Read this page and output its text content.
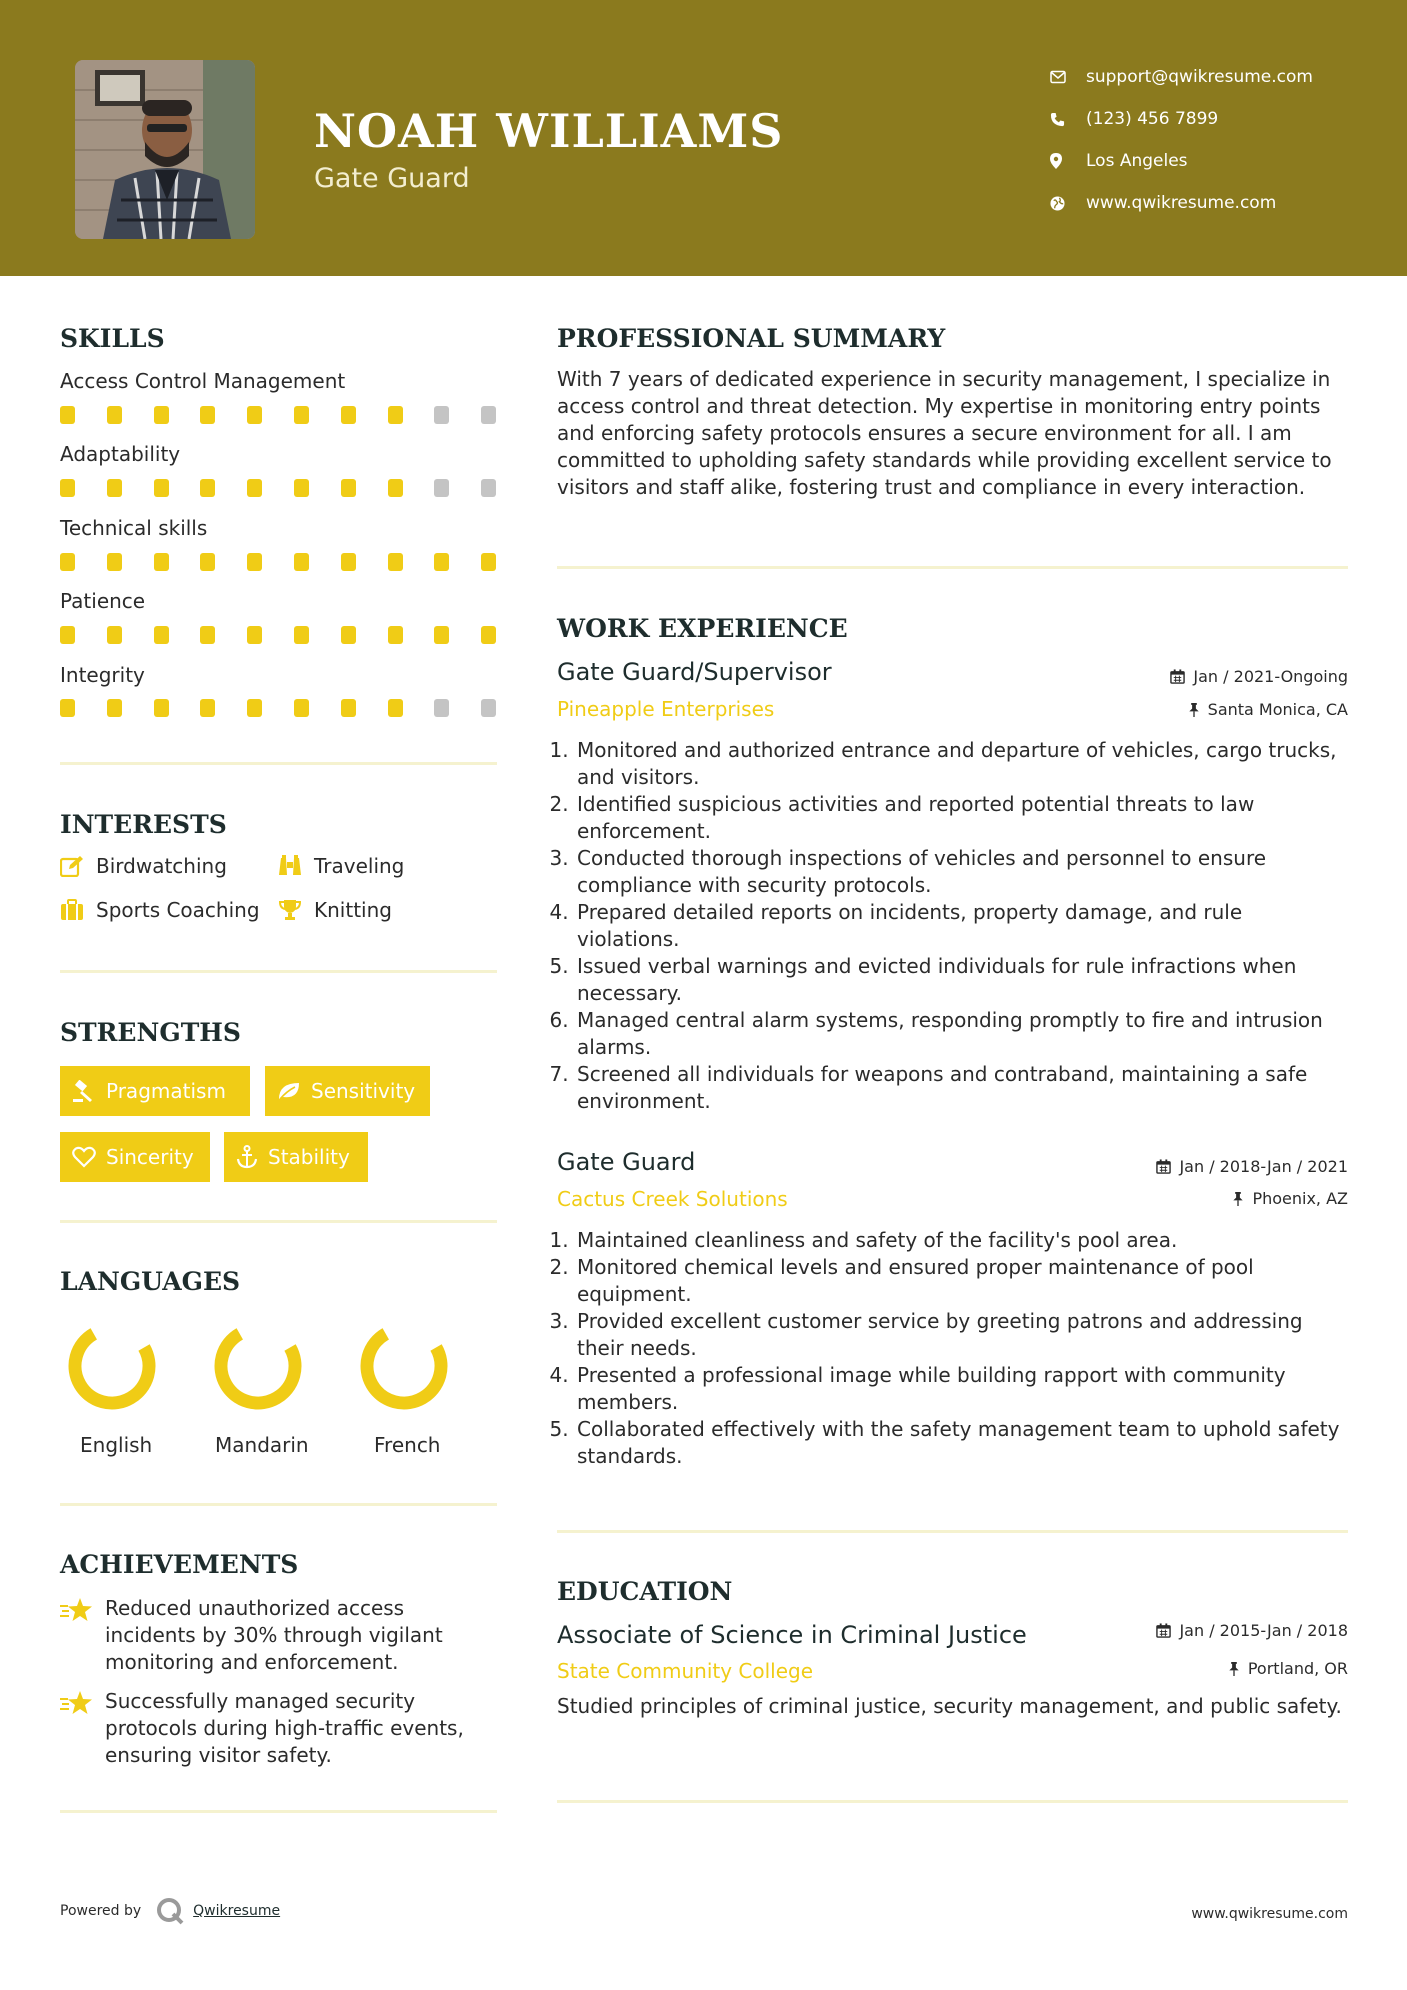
NOAH WILLIAMS
Gate Guard
support@qwikresume.com
(123) 456 7899
Los Angeles
www.qwikresume.com
SKILLS
Access Control Management
Adaptability
Technical skills
Patience
Integrity
INTERESTS
Birdwatching	Traveling
Sports Coaching	Knitting
STRENGTHS
Pragmatism	Sensitivity
Sincerity	Stability
LANGUAGES
English	Mandarin	French
ACHIEVEMENTS
Reduced unauthorized access incidents by 30% through vigilant monitoring and enforcement.
Successfully managed security protocols during high-traffic events, ensuring visitor safety.
PROFESSIONAL SUMMARY
With 7 years of dedicated experience in security management, I specialize in access control and threat detection. My expertise in monitoring entry points and enforcing safety protocols ensures a secure environment for all. I am committed to upholding safety standards while providing excellent service to visitors and staff alike, fostering trust and compliance in every interaction.
WORK EXPERIENCE
Gate Guard/Supervisor	Jan / 2021-Ongoing
Pineapple Enterprises	Santa Monica, CA
1. Monitored and authorized entrance and departure of vehicles, cargo trucks, and visitors.
2. Identified suspicious activities and reported potential threats to law enforcement.
3. Conducted thorough inspections of vehicles and personnel to ensure compliance with security protocols.
4. Prepared detailed reports on incidents, property damage, and rule violations.
5. Issued verbal warnings and evicted individuals for rule infractions when necessary.
6. Managed central alarm systems, responding promptly to fire and intrusion alarms.
7. Screened all individuals for weapons and contraband, maintaining a safe environment.
Gate Guard	Jan / 2018-Jan / 2021
Cactus Creek Solutions	Phoenix, AZ
1. Maintained cleanliness and safety of the facility's pool area.
2. Monitored chemical levels and ensured proper maintenance of pool equipment.
3. Provided excellent customer service by greeting patrons and addressing their needs.
4. Presented a professional image while building rapport with community members.
5. Collaborated effectively with the safety management team to uphold safety standards.
EDUCATION
Associate of Science in Criminal Justice	Jan / 2015-Jan / 2018
State Community College	Portland, OR
Studied principles of criminal justice, security management, and public safety.
Powered by	Qwikresume	www.qwikresume.com
